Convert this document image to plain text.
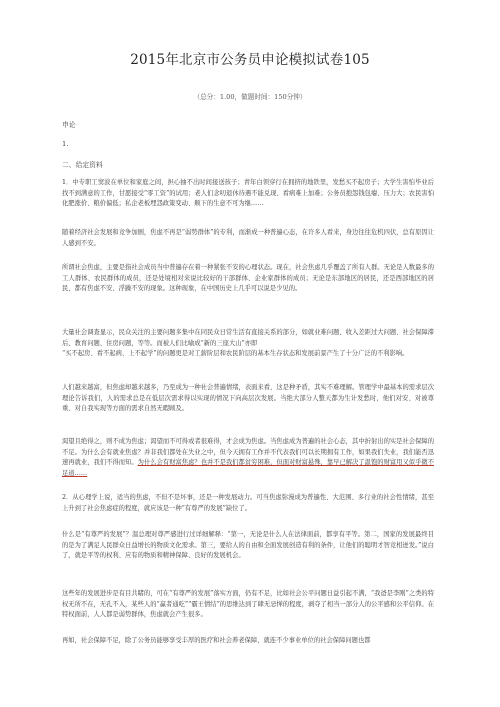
2015年北京市公务员申论模拟试卷105
（总分：1.00，做题时间：150分钟）
申论
1.
二、给定资料
1．中专职工窦波在单位和家庭之间，担心抽不出时间接送孩子；青年白领穿行在拥挤的地铁里，发愁买不起房子；大学生害怕毕业后找不到满意的工作，甘愿接受“零工资”的试用；老人们念叨退休待遇不能兑现、看病难上加难；公务员抱怨钱包瘪、压力大；农民害怕化肥涨价、粮价偏低；私企老板埋怨政策变动、顺下的生意不可为继……
随着经济社会发展和竞争加剧，焦虑不再是“弱势群体”的专利，而渐成一种普遍心态，在许多人看来，身边往往危机四伏，总有原因让人感到不安。
所谓社会焦虑，主要是指社会成员当中普遍存在着一种紧张不安的心理状态。现在，社会焦虑几乎覆盖了所有人群。无论是人数最多的工人群体、农民群体的成员，还是处境相对来说比较好的干部群体、企业家群体的成员；无论是东部地区的居民，还是西部地区的居民，都有焦虑不安、浮躁不安的现象。这种现象，在中国历史上几乎可以说是少见的。
大量社会调查显示，民众关注的主要问题多集中在同民众日常生活有直接关系的部分，如就业难问题、收入差距过大问题、社会保障滞后、教育问题、住房问题，等等。而被人们比喻成“新的三座大山”亦即
“买不起房、看不起病、上不起学”的问题更是对工薪阶层和农民阶层的基本生存状态和发展前景产生了十分广泛的不利影响。
人们越来越富，但焦虑却越来越多，乃至成为一种社会普遍情绪，表面来看，这是种矛盾，其实不难理解。管理学中最基本的需求层次理论告诉我们，人的需求总是在低层次需求得以实现的情况下向高层次发展。当绝大部分人整天都为生计发愁时，他们对安、对被尊重、对自我实现等方面的需求自然无暇顾及。
渴望且绝得之，则不成为焦虑；渴望而不可得或者很难得，才会成为焦虑。当焦虑成为普遍的社会心态，其中折射出的实是社会保障的不足。为什么会有就业焦虑？并非我们都处在失业之中，但今天拥有工作并不代表我们可以长期拥有工作，如果我们失业，我们能否迅速再就业，我们不得而知。为什么会有财富焦虑？也并不是我们都贫穷困难，但面对财富悬殊，靠早已解决了温饱的财富用又似乎微不足道……
2．从心理学上说，适当的焦虑，不但不是坏事，还是一种发展动力。可当焦虑弥漫成为普遍性、大范围、多行业的社会性情绪，甚至上升到了社会焦虑症的程度，就应该是一种“有尊严的发展”缺位了。
什么是“有尊严的发展”？温总理对尊严感进行过详细解释：“第一，无论是什么人在法律面前，都享有平等。第二，国家的发展最终目的是为了满足人民群众日益增长的物质文化需求。第三，要给人的自由和全面发展创造有利的条件，让他们的聪明才智竞相迸发。”说白了，就是平等的权利、应有的物质和精神保障、良好的发展机会。
这些年的发展进步是有目共睹的，可在“有尊严的发展”落实方面，仍有不足，比如社会公平问题日益引起不满，“我爸是李刚”之类的特权无所不在，无孔不入，某些人的“赢者通吃”“霸王情结”的思维达到了肆无忌惮的程度，剥夺了相当一部分人的公平感和公平信仰。在特权面前，人人都是弱势群体，焦虑就会产生很多。
再如，社会保障不足，除了公务员能够享受丰厚的医疗和社会养老保障，就连不少事业单位的社会保障问题也都
